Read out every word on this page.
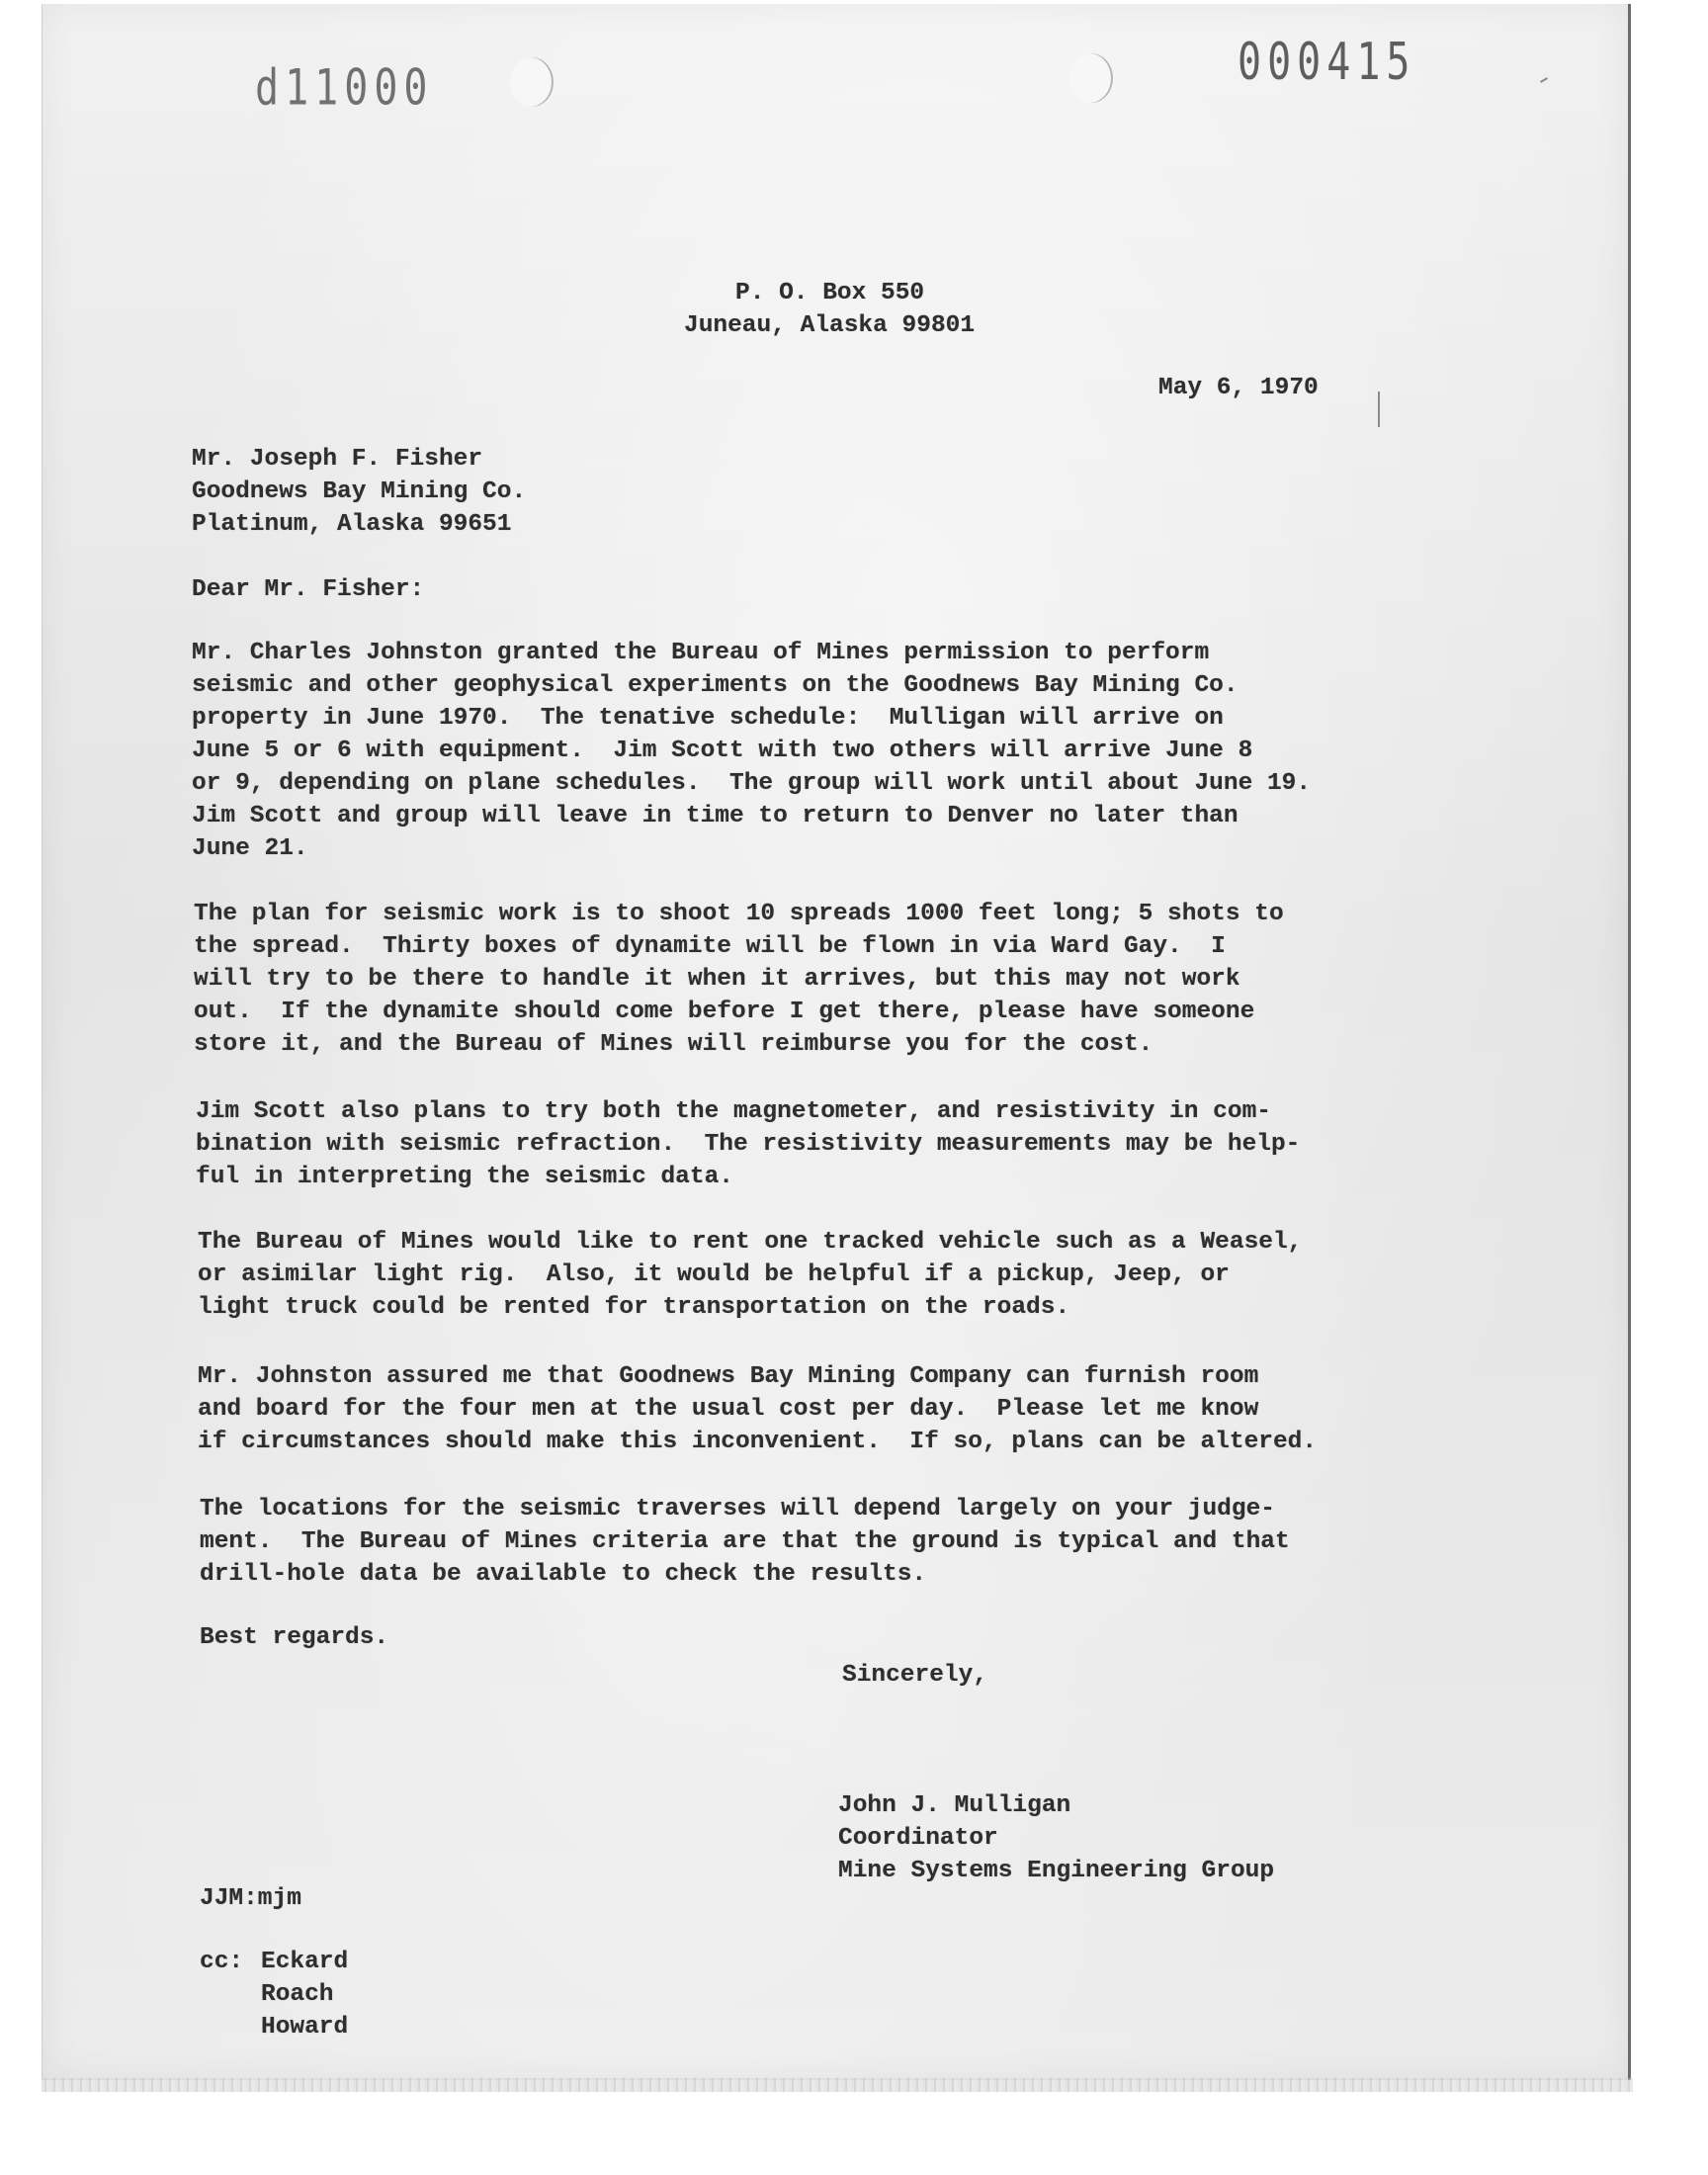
d11000	000415
P. O. Box 550
Juneau, Alaska 99801
May 6, 1970
Mr. Joseph F. Fisher
Goodnews Bay Mining Co.
Platinum, Alaska 99651
Dear Mr. Fisher:
Mr. Charles Johnston granted the Bureau of Mines permission to perform
seismic and other geophysical experiments on the Goodnews Bay Mining Co.
property in June 1970.  The tenative schedule:  Mulligan will arrive on
June 5 or 6 with equipment.  Jim Scott with two others will arrive June 8
or 9, depending on plane schedules.  The group will work until about June 19.
Jim Scott and group will leave in time to return to Denver no later than
June 21.
The plan for seismic work is to shoot 10 spreads 1000 feet long; 5 shots to
the spread.  Thirty boxes of dynamite will be flown in via Ward Gay.  I
will try to be there to handle it when it arrives, but this may not work
out.  If the dynamite should come before I get there, please have someone
store it, and the Bureau of Mines will reimburse you for the cost.
Jim Scott also plans to try both the magnetometer, and resistivity in com-
bination with seismic refraction.  The resistivity measurements may be help-
ful in interpreting the seismic data.
The Bureau of Mines would like to rent one tracked vehicle such as a Weasel,
or asimilar light rig.  Also, it would be helpful if a pickup, Jeep, or
light truck could be rented for transportation on the roads.
Mr. Johnston assured me that Goodnews Bay Mining Company can furnish room
and board for the four men at the usual cost per day.  Please let me know
if circumstances should make this inconvenient.  If so, plans can be altered.
The locations for the seismic traverses will depend largely on your judge-
ment.  The Bureau of Mines criteria are that the ground is typical and that
drill-hole data be available to check the results.
Best regards.
Sincerely,
John J. Mulligan
Coordinator
Mine Systems Engineering Group
JJM:mjm
cc: Eckard
Roach
Howard
